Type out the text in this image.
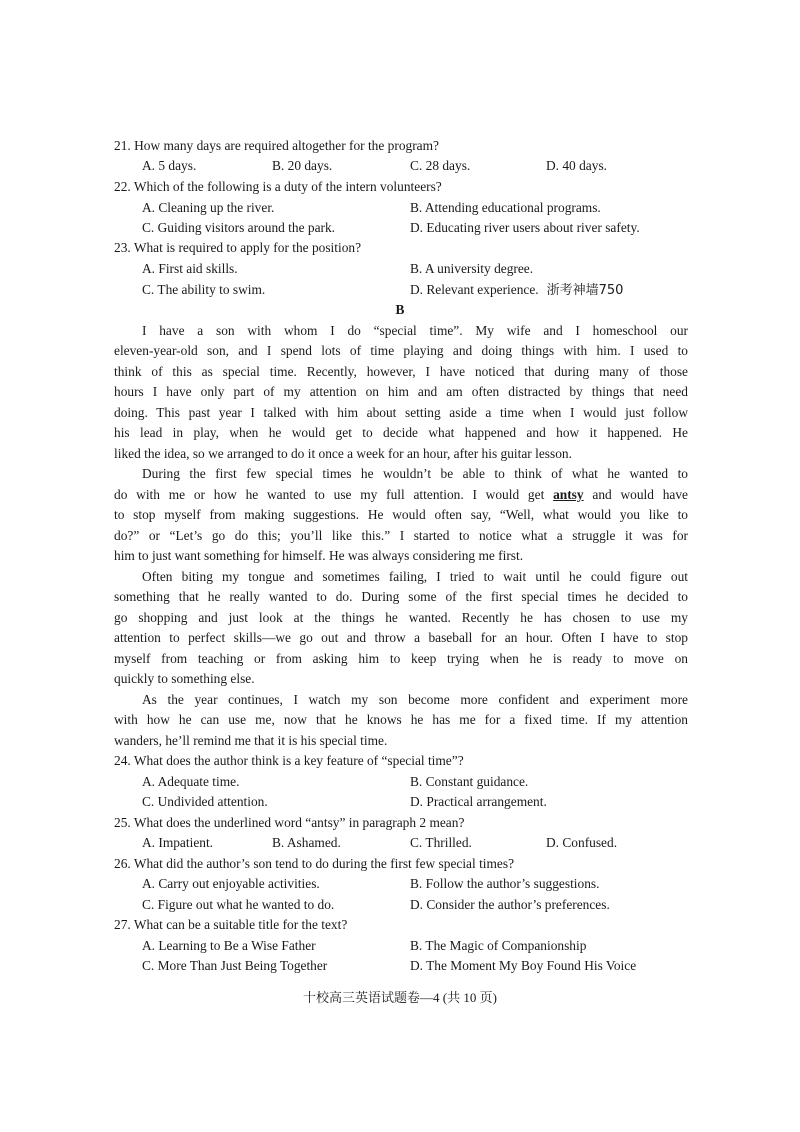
21. How many days are required altogether for the program?
A. 5 days.	B. 20 days.	C. 28 days.	D. 40 days.
22. Which of the following is a duty of the intern volunteers?
A. Cleaning up the river.	B. Attending educational programs.
C. Guiding visitors around the park.	D. Educating river users about river safety.
23. What is required to apply for the position?
A. First aid skills.	B. A university degree.
C. The ability to swim.	D. Relevant experience. 浙考神墙750
B
I have a son with whom I do “special time”. My wife and I homeschool our
eleven-year-old son, and I spend lots of time playing and doing things with him. I used to
think of this as special time. Recently, however, I have noticed that during many of those
hours I have only part of my attention on him and am often distracted by things that need
doing. This past year I talked with him about setting aside a time when I would just follow
his lead in play, when he would get to decide what happened and how it happened. He
liked the idea, so we arranged to do it once a week for an hour, after his guitar lesson.
During the first few special times he wouldn’t be able to think of what he wanted to
do with me or how he wanted to use my full attention. I would get antsy and would have
to stop myself from making suggestions. He would often say, “Well, what would you like to
do?” or “Let’s go do this; you’ll like this.” I started to notice what a struggle it was for
him to just want something for himself. He was always considering me first.
Often biting my tongue and sometimes failing, I tried to wait until he could figure out
something that he really wanted to do. During some of the first special times he decided to
go shopping and just look at the things he wanted. Recently he has chosen to use my
attention to perfect skills—we go out and throw a baseball for an hour. Often I have to stop
myself from teaching or from asking him to keep trying when he is ready to move on
quickly to something else.
As the year continues, I watch my son become more confident and experiment more
with how he can use me, now that he knows he has me for a fixed time. If my attention
wanders, he’ll remind me that it is his special time.
24. What does the author think is a key feature of “special time”?
A. Adequate time.	B. Constant guidance.
C. Undivided attention.	D. Practical arrangement.
25. What does the underlined word “antsy” in paragraph 2 mean?
A. Impatient.	B. Ashamed.	C. Thrilled.	D. Confused.
26. What did the author’s son tend to do during the first few special times?
A. Carry out enjoyable activities.	B. Follow the author’s suggestions.
C. Figure out what he wanted to do.	D. Consider the author’s preferences.
27. What can be a suitable title for the text?
A. Learning to Be a Wise Father	B. The Magic of Companionship
C. More Than Just Being Together	D. The Moment My Boy Found His Voice
十校高三英语试题卷—4 (共 10 页)
